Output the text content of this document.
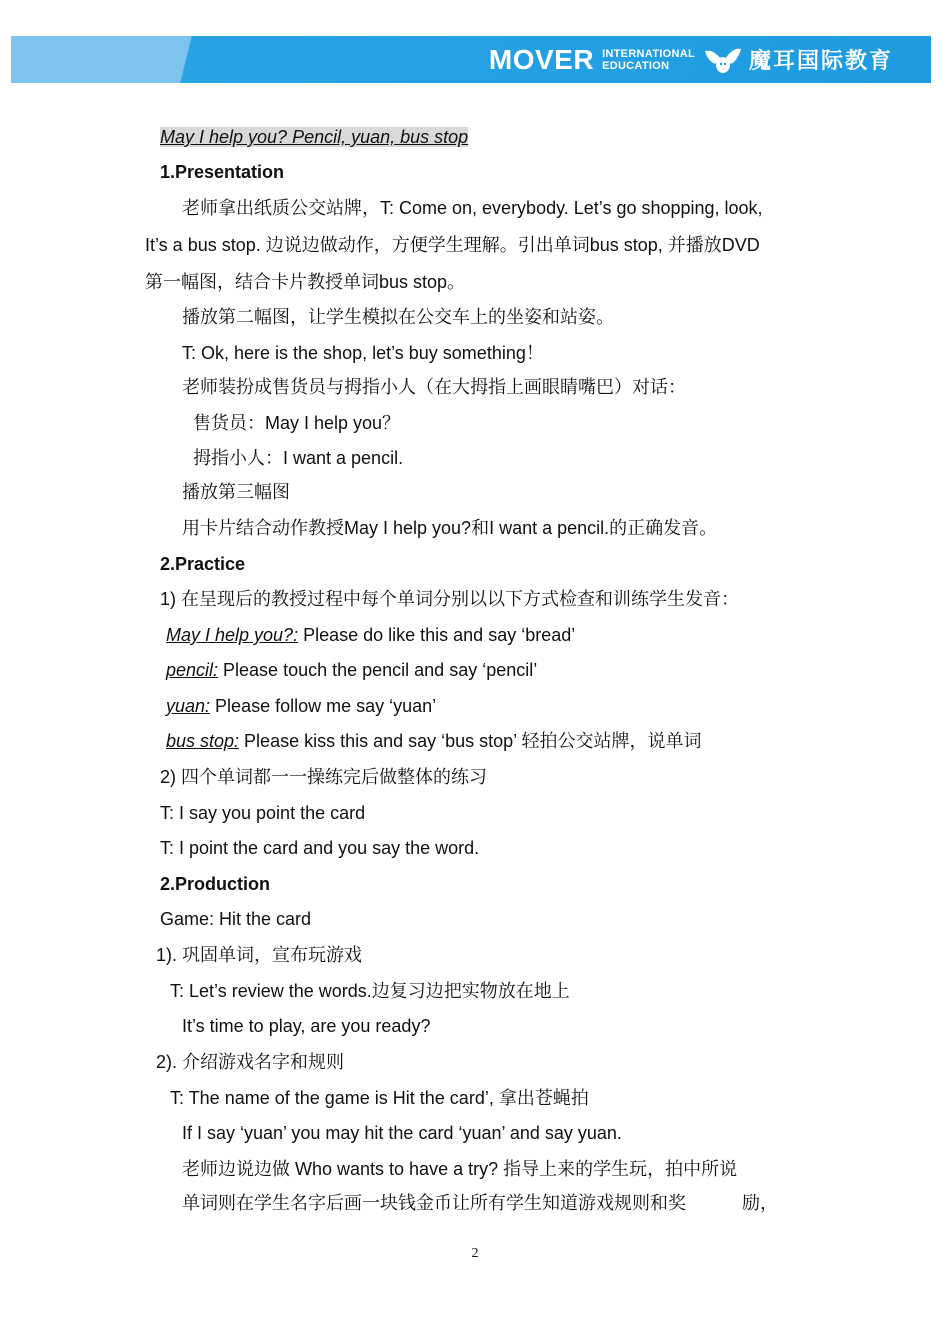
MOVER INTERNATIONAL
EDUCATION	魔耳国际教育
May I help you? Pencil, yuan, bus stop
1.Presentation
老师拿出纸质公交站牌，T: Come on, everybody. Let’s go shopping, look,
It’s a bus stop. 边说边做动作，方便学生理解。引出单词bus stop, 并播放DVD
第一幅图，结合卡片教授单词bus stop。
播放第二幅图，让学生模拟在公交车上的坐姿和站姿。
T: Ok, here is the shop, let’s buy something！
老师装扮成售货员与拇指小人（在大拇指上画眼睛嘴巴）对话：
售货员：May I help you？
拇指小人：I want a pencil.
播放第三幅图
用卡片结合动作教授May I help you?和I want a pencil.的正确发音。
2.Practice
1) 在呈现后的教授过程中每个单词分别以以下方式检查和训练学生发音：
May I help you?: Please do like this and say ‘bread’
pencil: Please touch the pencil and say ‘pencil’
yuan: Please follow me say ‘yuan’
bus stop: Please kiss this and say ‘bus stop’ 轻拍公交站牌，说单词
2) 四个单词都一一操练完后做整体的练习
T: I say you point the card
T: I point the card and you say the word.
2.Production
Game: Hit the card
1). 巩固单词，宣布玩游戏
T: Let’s review the words.边复习边把实物放在地上
It’s time to play, are you ready?
2). 介绍游戏名字和规则
T: The name of the game is Hit the card’, 拿出苍蝇拍
If I say ‘yuan’ you may hit the card ‘yuan’ and say yuan.
老师边说边做 Who wants to have a try? 指导上来的学生玩，拍中所说
单词则在学生名字后画一块钱金币让所有学生知道游戏规则和奖	励，
2
